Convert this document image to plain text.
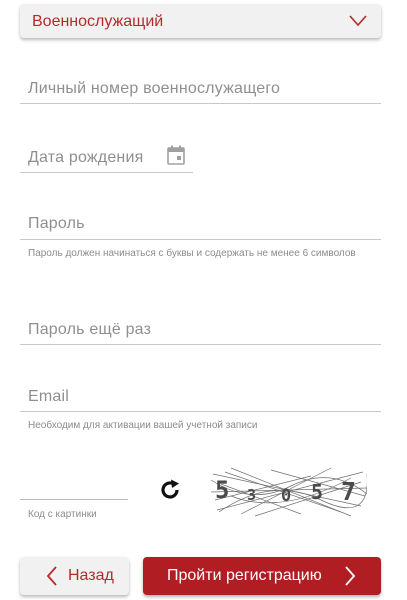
Военнослужащий
Личный номер военнослужащего
Дата рождения
Пароль
Пароль должен начинаться с буквы и содержать не менее 6 символов
Пароль ещё раз
Email
Необходим для активации вашей учетной записи
Код с картинки
5 3 0 5 7
Назад	Пройти регистрацию
